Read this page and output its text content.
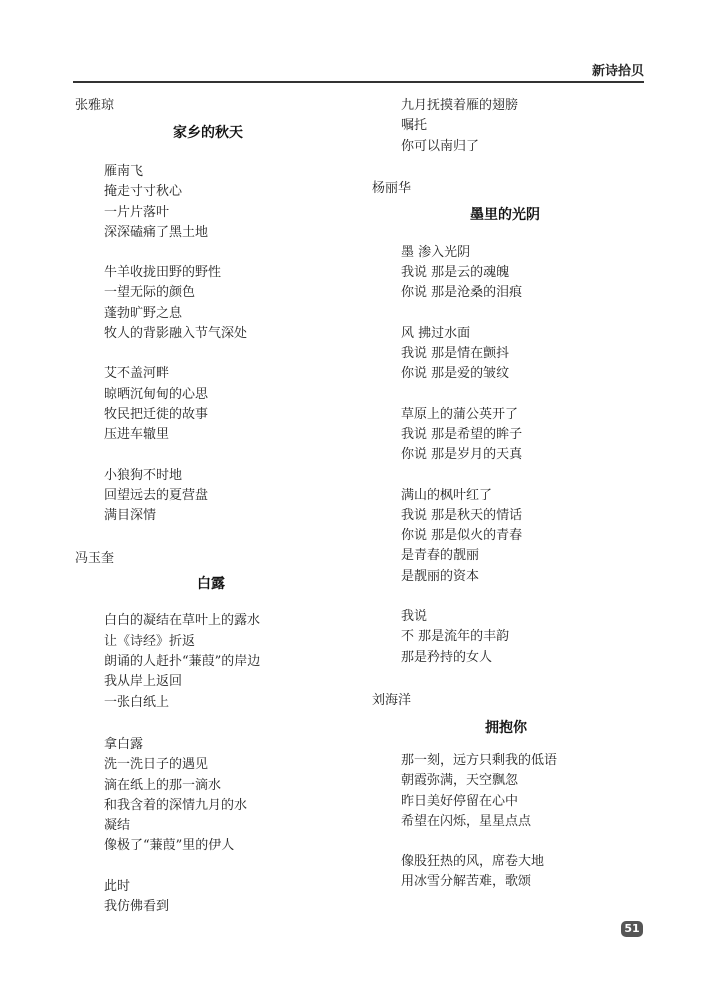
新诗拾贝

张雅琼

家乡的秋天

雁南飞
掩走寸寸秋心
一片片落叶
深深磕痛了黑土地
牛羊收拢田野的野性
一望无际的颜色
蓬勃旷野之息
牧人的背影融入节气深处
艾不盖河畔
晾晒沉甸甸的心思
牧民把迁徙的故事
压进车辙里
小狼狗不时地
回望远去的夏营盘
满目深情

冯玉奎

白露

白白的凝结在草叶上的露水
让《诗经》折返
朗诵的人赶扑“蒹葭”的岸边
我从岸上返回
一张白纸上
拿白露
洗一洗日子的遇见
滴在纸上的那一滴水
和我含着的深情九月的水
凝结
像极了“蒹葭”里的伊人
此时
我仿佛看到
九月抚摸着雁的翅膀
嘱托
你可以南归了

杨丽华

墨里的光阴

墨 渗入光阴
我说 那是云的魂魄
你说 那是沧桑的泪痕
风 拂过水面
我说 那是情在颤抖
你说 那是爱的皱纹
草原上的蒲公英开了
我说 那是希望的眸子
你说 那是岁月的天真
满山的枫叶红了
我说 那是秋天的情话
你说 那是似火的青春
是青春的靓丽
是靓丽的资本
我说
不 那是流年的丰韵
那是矜持的女人

刘海洋

拥抱你

那一刻，远方只剩我的低语
朝霞弥满，天空飘忽
昨日美好停留在心中
希望在闪烁，星星点点
像股狂热的风，席卷大地
用冰雪分解苦难，歌颂
51
